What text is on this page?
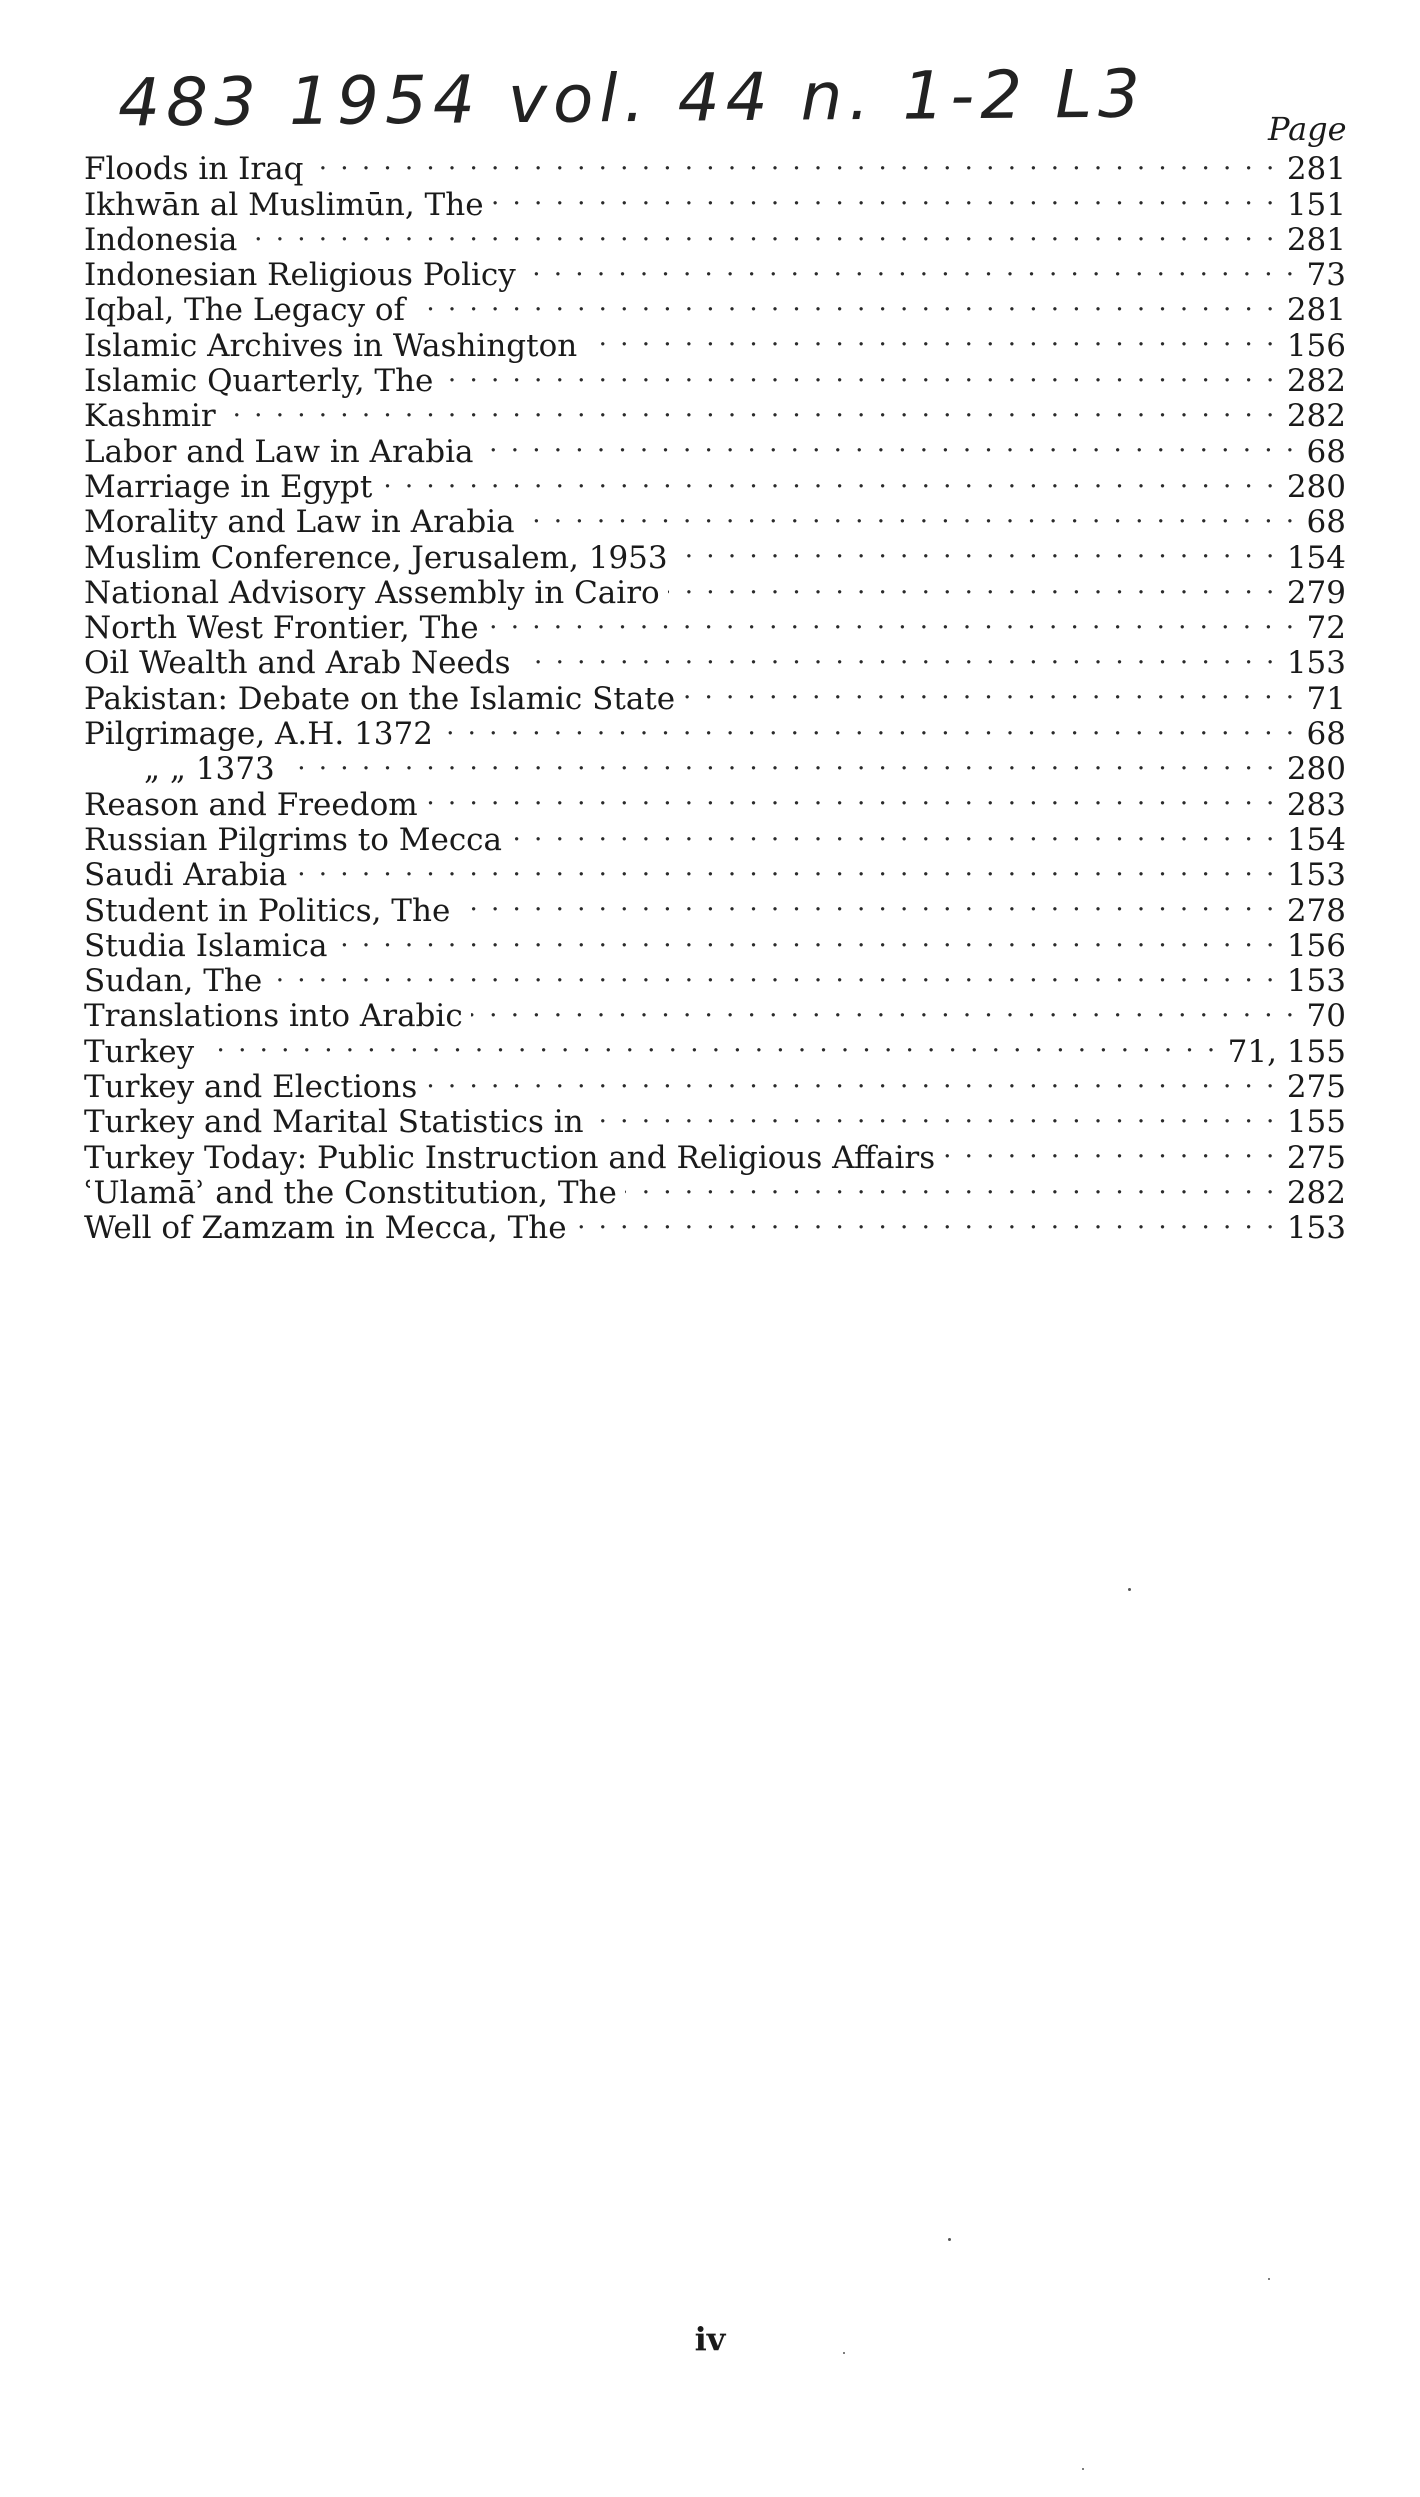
483 1954 vol. 44 n. 1-2 L3	Page
Floods in Iraq . . .	281
Ikhwān al Muslimūn, The . . .	151
Indonesia . . .	281
Indonesian Religious Policy . . .	73
Iqbal, The Legacy of . . .	281
Islamic Archives in Washington . . .	156
Islamic Quarterly, The . . .	282
Kashmir . . .	282
Labor and Law in Arabia . . .	68
Marriage in Egypt . . .	280
Morality and Law in Arabia . . .	68
Muslim Conference, Jerusalem, 1953 . . .	154
National Advisory Assembly in Cairo . . .	279
North West Frontier, The . . .	72
Oil Wealth and Arab Needs . . .	153
Pakistan: Debate on the Islamic State . . .	71
Pilgrimage, A.H. 1372 . . .	68
„ „ 1373 . . .	280
Reason and Freedom . . .	283
Russian Pilgrims to Mecca . . .	154
Saudi Arabia . . .	153
Student in Politics, The . . .	278
Studia Islamica . . .	156
Sudan, The . . .	153
Translations into Arabic . . .	70
Turkey . . .	71, 155
Turkey and Elections . . .	275
Turkey and Marital Statistics in . . .	155
Turkey Today: Public Instruction and Religious Affairs . . .	275
ʿUlamāʾ and the Constitution, The . . .	282
Well of Zamzam in Mecca, The . . .	153
iv
